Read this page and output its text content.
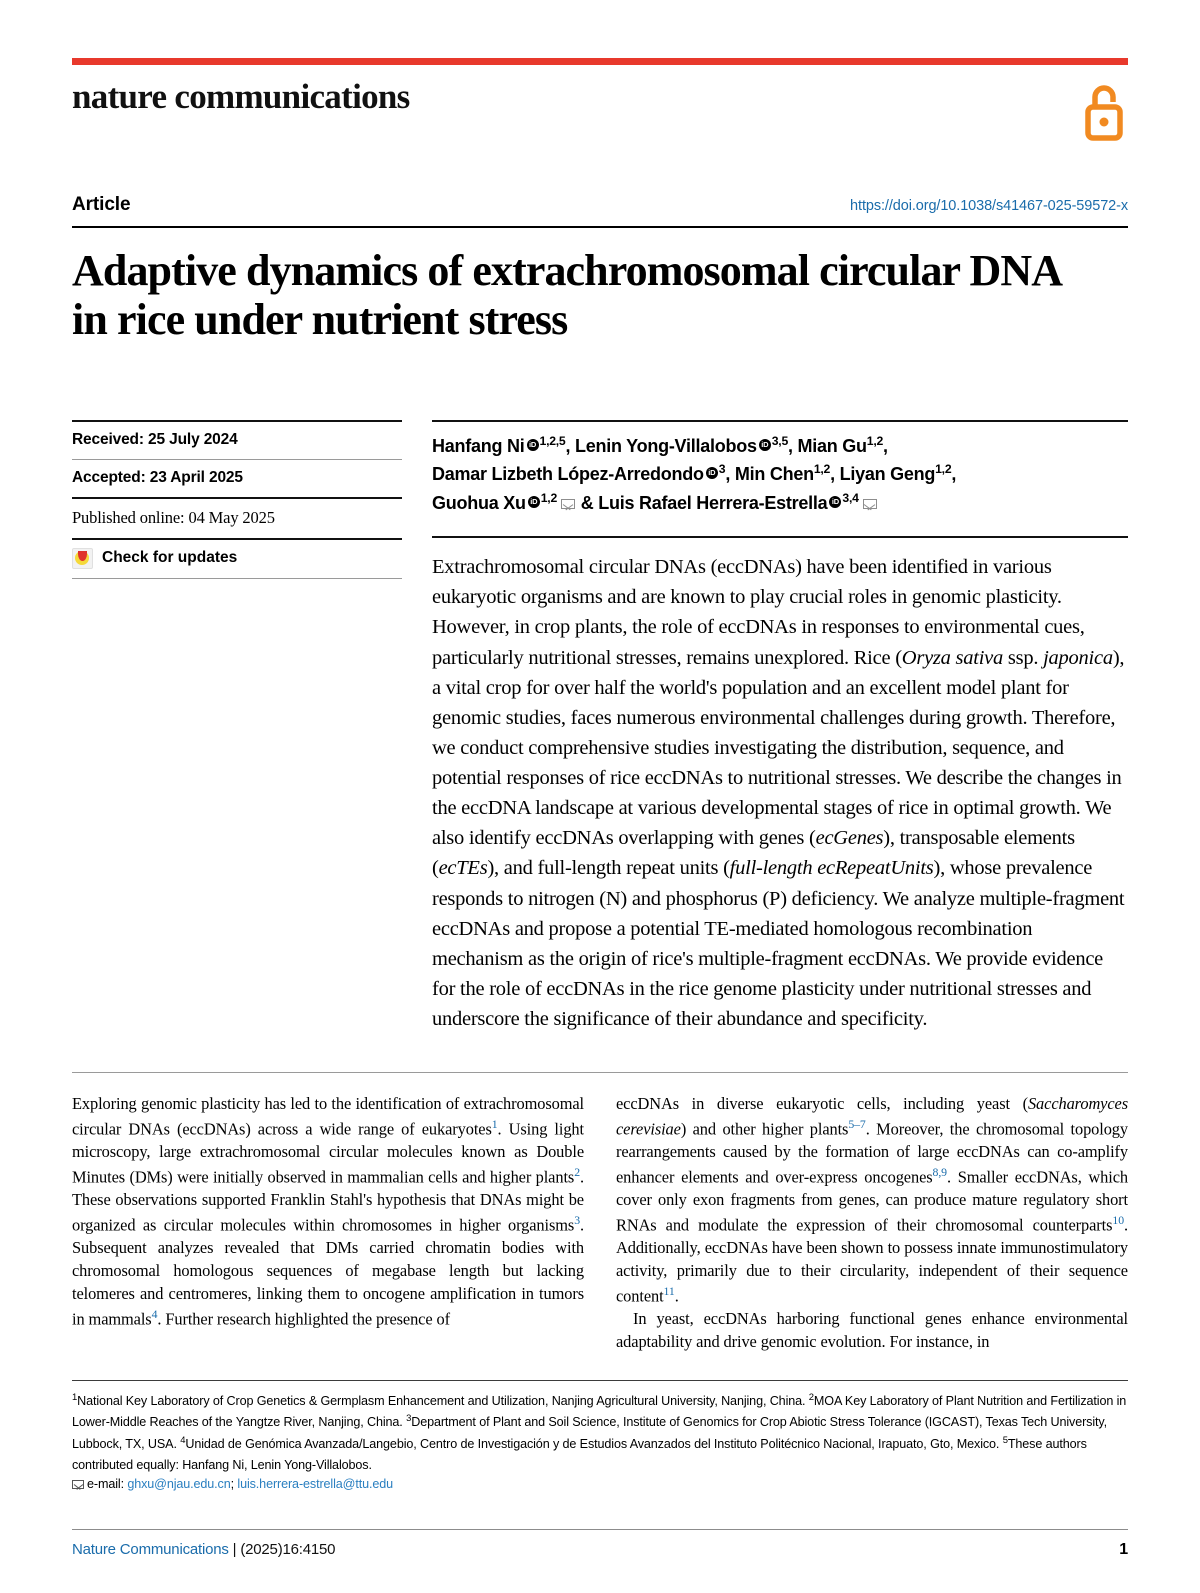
nature communications
Article	https://doi.org/10.1038/s41467-025-59572-x
Adaptive dynamics of extrachromosomal circular DNA in rice under nutrient stress
Received: 25 July 2024
Accepted: 23 April 2025
Published online: 04 May 2025
Check for updates
Hanfang Ni iD $^{1,2,5}$, Lenin Yong-Villalobos iD $^{3,5}$, Mian Gu$^{1,2}$,
Damar Lizbeth López-Arredondo iD $^3$, Min Chen$^{1,2}$, Liyan Geng$^{1,2}$,
Guohua Xu iD $^{1,2}$ & Luis Rafael Herrera-Estrella iD $^{3,4}$
Extrachromosomal circular DNAs (eccDNAs) have been identified in various eukaryotic organisms and are known to play crucial roles in genomic plasticity. However, in crop plants, the role of eccDNAs in responses to environmental cues, particularly nutritional stresses, remains unexplored. Rice (Oryza sativa ssp. japonica), a vital crop for over half the world's population and an excellent model plant for genomic studies, faces numerous environmental challenges during growth. Therefore, we conduct comprehensive studies investigating the distribution, sequence, and potential responses of rice eccDNAs to nutritional stresses. We describe the changes in the eccDNA landscape at various developmental stages of rice in optimal growth. We also identify eccDNAs overlapping with genes (ecGenes), transposable elements (ecTEs), and full-length repeat units (full-length ecRepeatUnits), whose prevalence responds to nitrogen (N) and phosphorus (P) deficiency. We analyze multiple-fragment eccDNAs and propose a potential TE-mediated homologous recombination mechanism as the origin of rice's multiple-fragment eccDNAs. We provide evidence for the role of eccDNAs in the rice genome plasticity under nutritional stresses and underscore the significance of their abundance and specificity.

Exploring genomic plasticity has led to the identification of extrachromosomal circular DNAs (eccDNAs) across a wide range of eukaryotes$^1$. Using light microscopy, large extrachromosomal circular molecules known as Double Minutes (DMs) were initially observed in mammalian cells and higher plants$^2$. These observations supported Franklin Stahl's hypothesis that DNAs might be organized as circular molecules within chromosomes in higher organisms$^3$. Subsequent analyzes revealed that DMs carried chromatin bodies with chromosomal homologous sequences of megabase length but lacking telomeres and centromeres, linking them to oncogene amplification in tumors in mammals$^4$. Further research highlighted the presence of

eccDNAs in diverse eukaryotic cells, including yeast (Saccharomyces cerevisiae) and other higher plants$^{5-7}$. Moreover, the chromosomal topology rearrangements caused by the formation of large eccDNAs can co-amplify enhancer elements and over-express oncogenes$^{8,9}$. Smaller eccDNAs, which cover only exon fragments from genes, can produce mature regulatory short RNAs and modulate the expression of their chromosomal counterparts$^{10}$. Additionally, eccDNAs have been shown to possess innate immunostimulatory activity, primarily due to their circularity, independent of their sequence content$^{11}$.

In yeast, eccDNAs harboring functional genes enhance environmental adaptability and drive genomic evolution. For instance, in

$^1$National Key Laboratory of Crop Genetics & Germplasm Enhancement and Utilization, Nanjing Agricultural University, Nanjing, China. $^2$MOA Key Laboratory of Plant Nutrition and Fertilization in Lower-Middle Reaches of the Yangtze River, Nanjing, China. $^3$Department of Plant and Soil Science, Institute of Genomics for Crop Abiotic Stress Tolerance (IGCAST), Texas Tech University, Lubbock, TX, USA. $^4$Unidad de Genómica Avanzada/Langebio, Centro de Investigación y de Estudios Avanzados del Instituto Politécnico Nacional, Irapuato, Gto, Mexico. $^5$These authors contributed equally: Hanfang Ni, Lenin Yong-Villalobos.
e-mail: ghxu@njau.edu.cn; luis.herrera-estrella@ttu.edu
Nature Communications | (2025)16:4150	1
